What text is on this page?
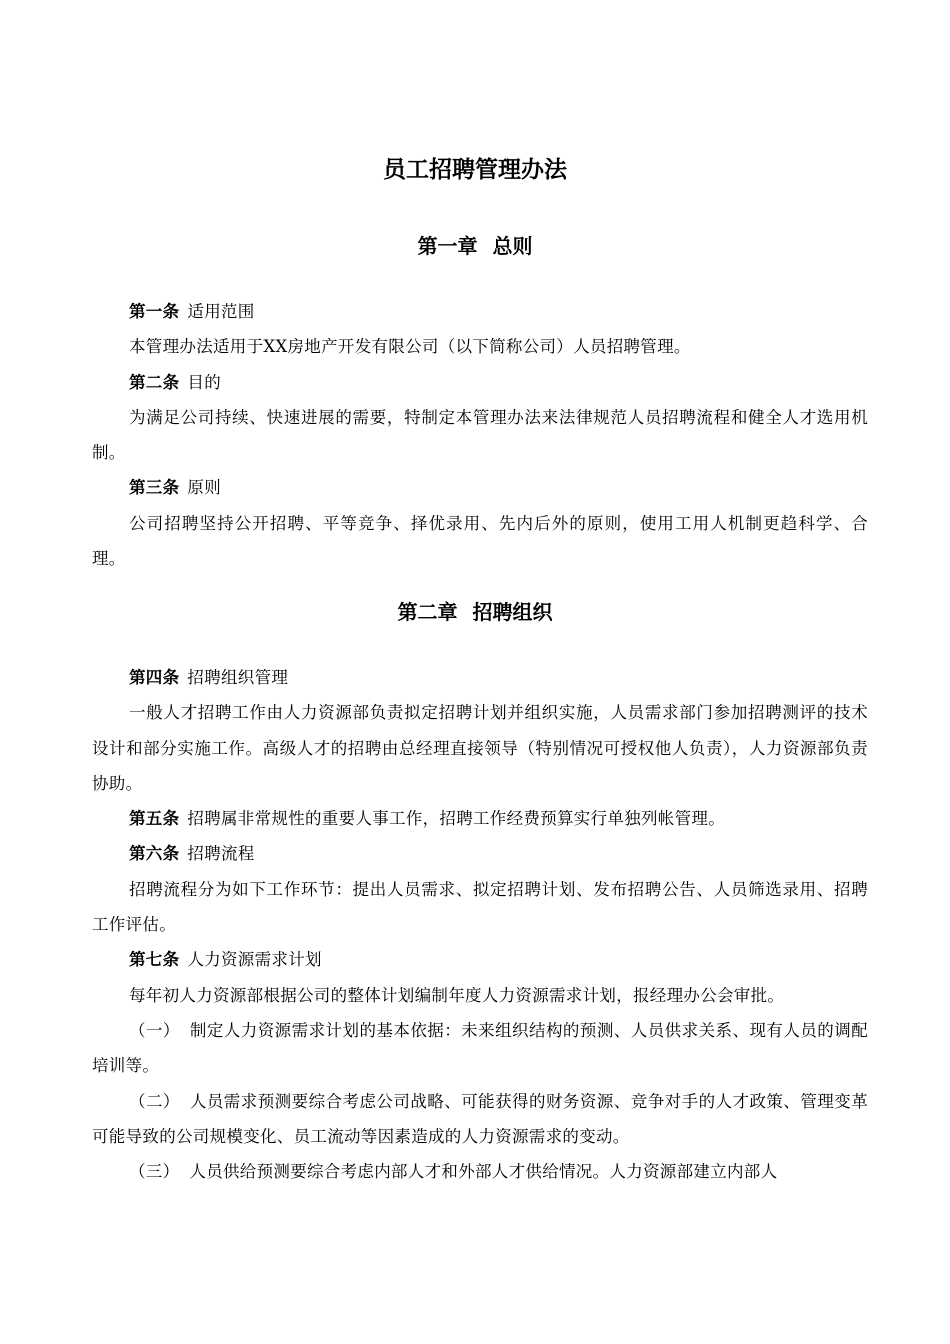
员工招聘管理办法
第一章 总则

第一条 适用范围

本管理办法适用于XX房地产开发有限公司（以下简称公司）人员招聘管理。

第二条 目的

为满足公司持续、快速进展的需要，特制定本管理办法来法律规范人员招聘流程和健全人才选用机制。

第三条 原则

公司招聘坚持公开招聘、平等竞争、择优录用、先内后外的原则，使用工用人机制更趋科学、合理。

第二章 招聘组织

第四条 招聘组织管理

一般人才招聘工作由人力资源部负责拟定招聘计划并组织实施，人员需求部门参加招聘测评的技术设计和部分实施工作。高级人才的招聘由总经理直接领导（特别情况可授权他人负责），人力资源部负责协助。

第五条 招聘属非常规性的重要人事工作，招聘工作经费预算实行单独列帐管理。

第六条 招聘流程

招聘流程分为如下工作环节：提出人员需求、拟定招聘计划、发布招聘公告、人员筛选录用、招聘工作评估。

第七条 人力资源需求计划

每年初人力资源部根据公司的整体计划编制年度人力资源需求计划，报经理办公会审批。

（一） 制定人力资源需求计划的基本依据：未来组织结构的预测、人员供求关系、现有人员的调配培训等。

（二） 人员需求预测要综合考虑公司战略、可能获得的财务资源、竞争对手的人才政策、管理变革可能导致的公司规模变化、员工流动等因素造成的人力资源需求的变动。

（三） 人员供给预测要综合考虑内部人才和外部人才供给情况。人力资源部建立内部人
